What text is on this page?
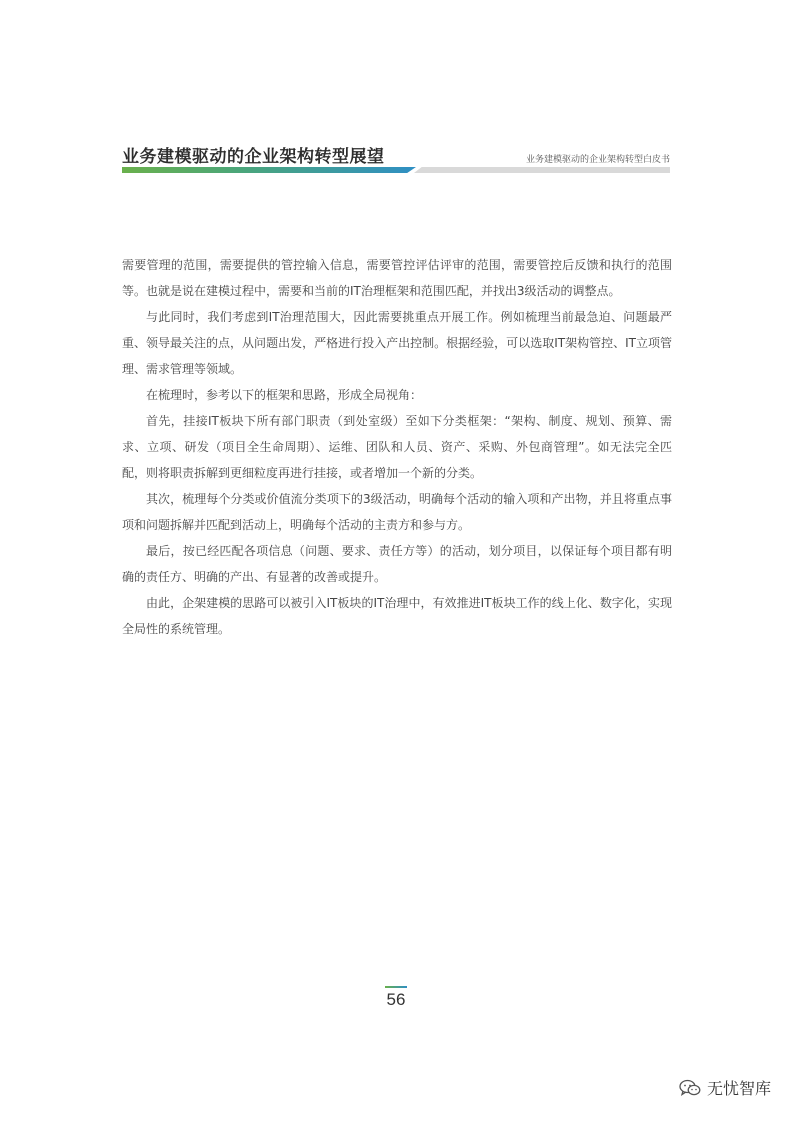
业务建模驱动的企业架构转型展望	业务建模驱动的企业架构转型白皮书

需要管理的范围，需要提供的管控输入信息，需要管控评估评审的范围，需要管控后反馈和执行的范围等。也就是说在建模过程中，需要和当前的IT治理框架和范围匹配，并找出3级活动的调整点。

与此同时，我们考虑到IT治理范围大，因此需要挑重点开展工作。例如梳理当前最急迫、问题最严重、领导最关注的点，从问题出发，严格进行投入产出控制。根据经验，可以选取IT架构管控、IT立项管理、需求管理等领域。

在梳理时，参考以下的框架和思路，形成全局视角：

首先，挂接IT板块下所有部门职责（到处室级）至如下分类框架：“架构、制度、规划、预算、需求、立项、研发（项目全生命周期）、运维、团队和人员、资产、采购、外包商管理”。如无法完全匹配，则将职责拆解到更细粒度再进行挂接，或者增加一个新的分类。

其次，梳理每个分类或价值流分类项下的3级活动，明确每个活动的输入项和产出物，并且将重点事项和问题拆解并匹配到活动上，明确每个活动的主责方和参与方。

最后，按已经匹配各项信息（问题、要求、责任方等）的活动，划分项目，以保证每个项目都有明确的责任方、明确的产出、有显著的改善或提升。

由此，企架建模的思路可以被引入IT板块的IT治理中，有效推进IT板块工作的线上化、数字化，实现全局性的系统管理。

56
无忧智库
